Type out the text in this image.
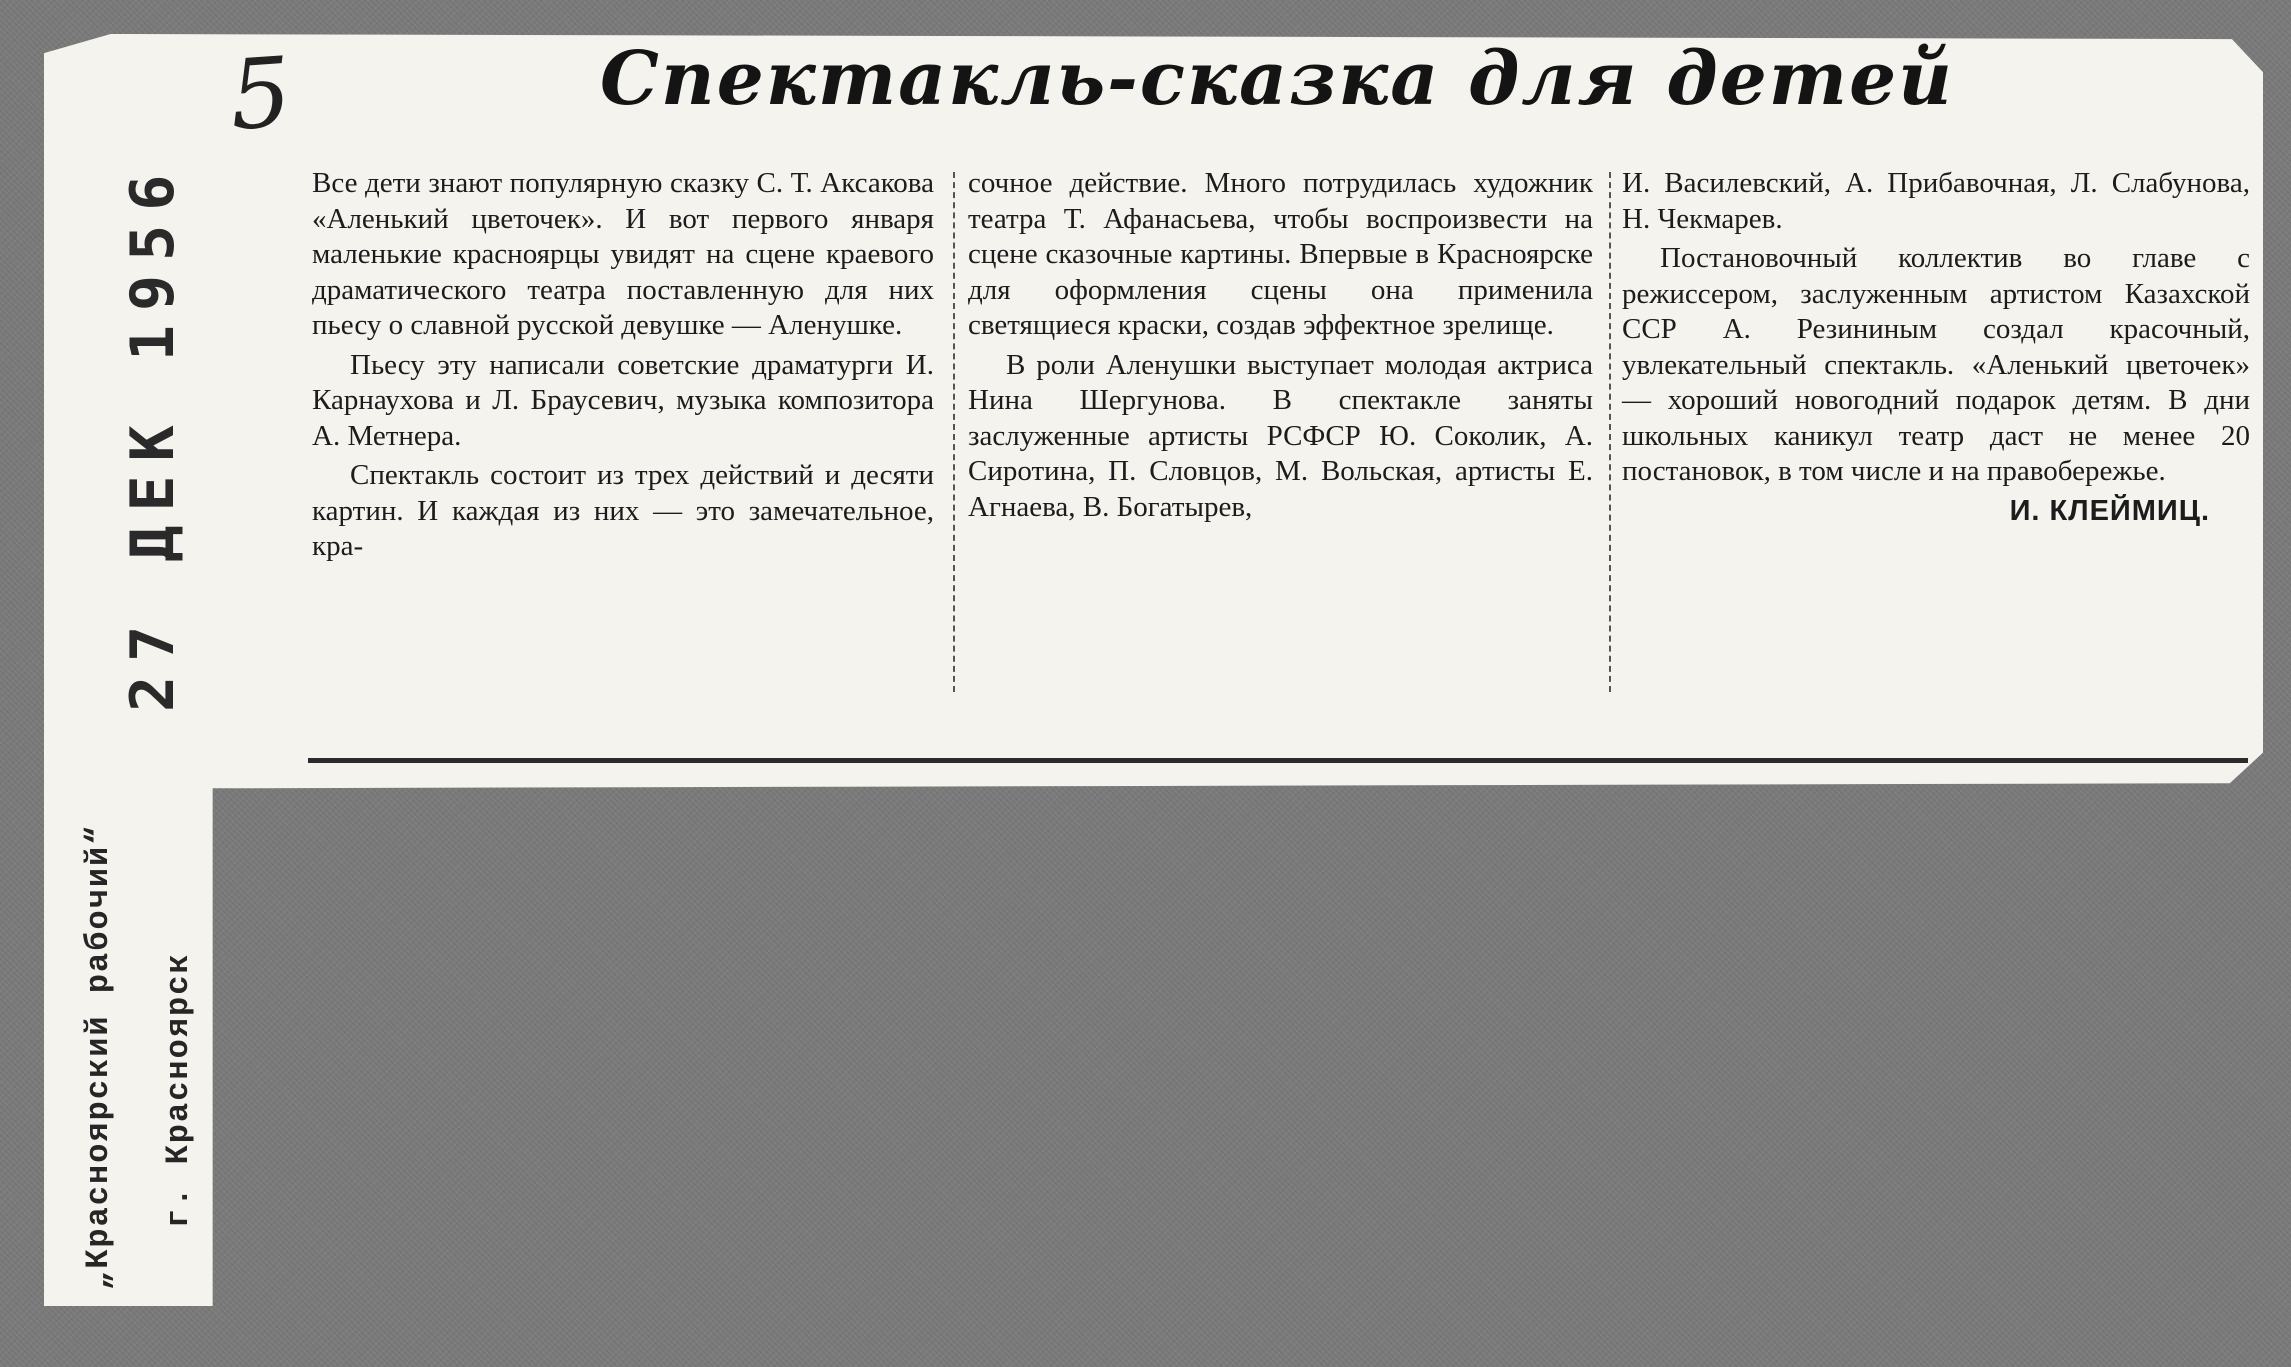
5	Спектакль-сказка для детей

Все дети знают популярную сказку С. Т. Аксакова «Аленький цветочек». И вот первого января маленькие красноярцы увидят на сцене краевого драматического театра поставленную для них пьесу о славной русской девушке — Аленушке.

Пьесу эту написали советские драматурги И. Карнаухова и Л. Браусевич, музыка композитора А. Метнера.

Спектакль состоит из трех действий и десяти картин. И каждая из них — это замечательное, кра-

сочное действие. Много потрудилась художник театра Т. Афанасьева, чтобы воспроизвести на сцене сказочные картины. Впервые в Красноярске для оформления сцены она применила светящиеся краски, создав эффектное зрелище.

В роли Аленушки выступает молодая актриса Нина Шергунова. В спектакле заняты заслуженные артисты РСФСР Ю. Соколик, А. Сиротина, П. Словцов, М. Вольская, артисты Е. Агнаева, В. Богатырев,

И. Василевский, А. Прибавочная, Л. Слабунова, Н. Чекмарев.

Постановочный коллектив во главе с режиссером, заслуженным артистом Казахской ССР А. Резининым создал красочный, увлекательный спектакль. «Аленький цветочек» — хороший новогодний подарок детям. В дни школьных каникул театр даст не менее 20 постановок, в том числе и на правобережье.

И. КЛЕЙМИЦ.

27 ДЕК 1956
„Красноярский рабочий“ г. Красноярск
